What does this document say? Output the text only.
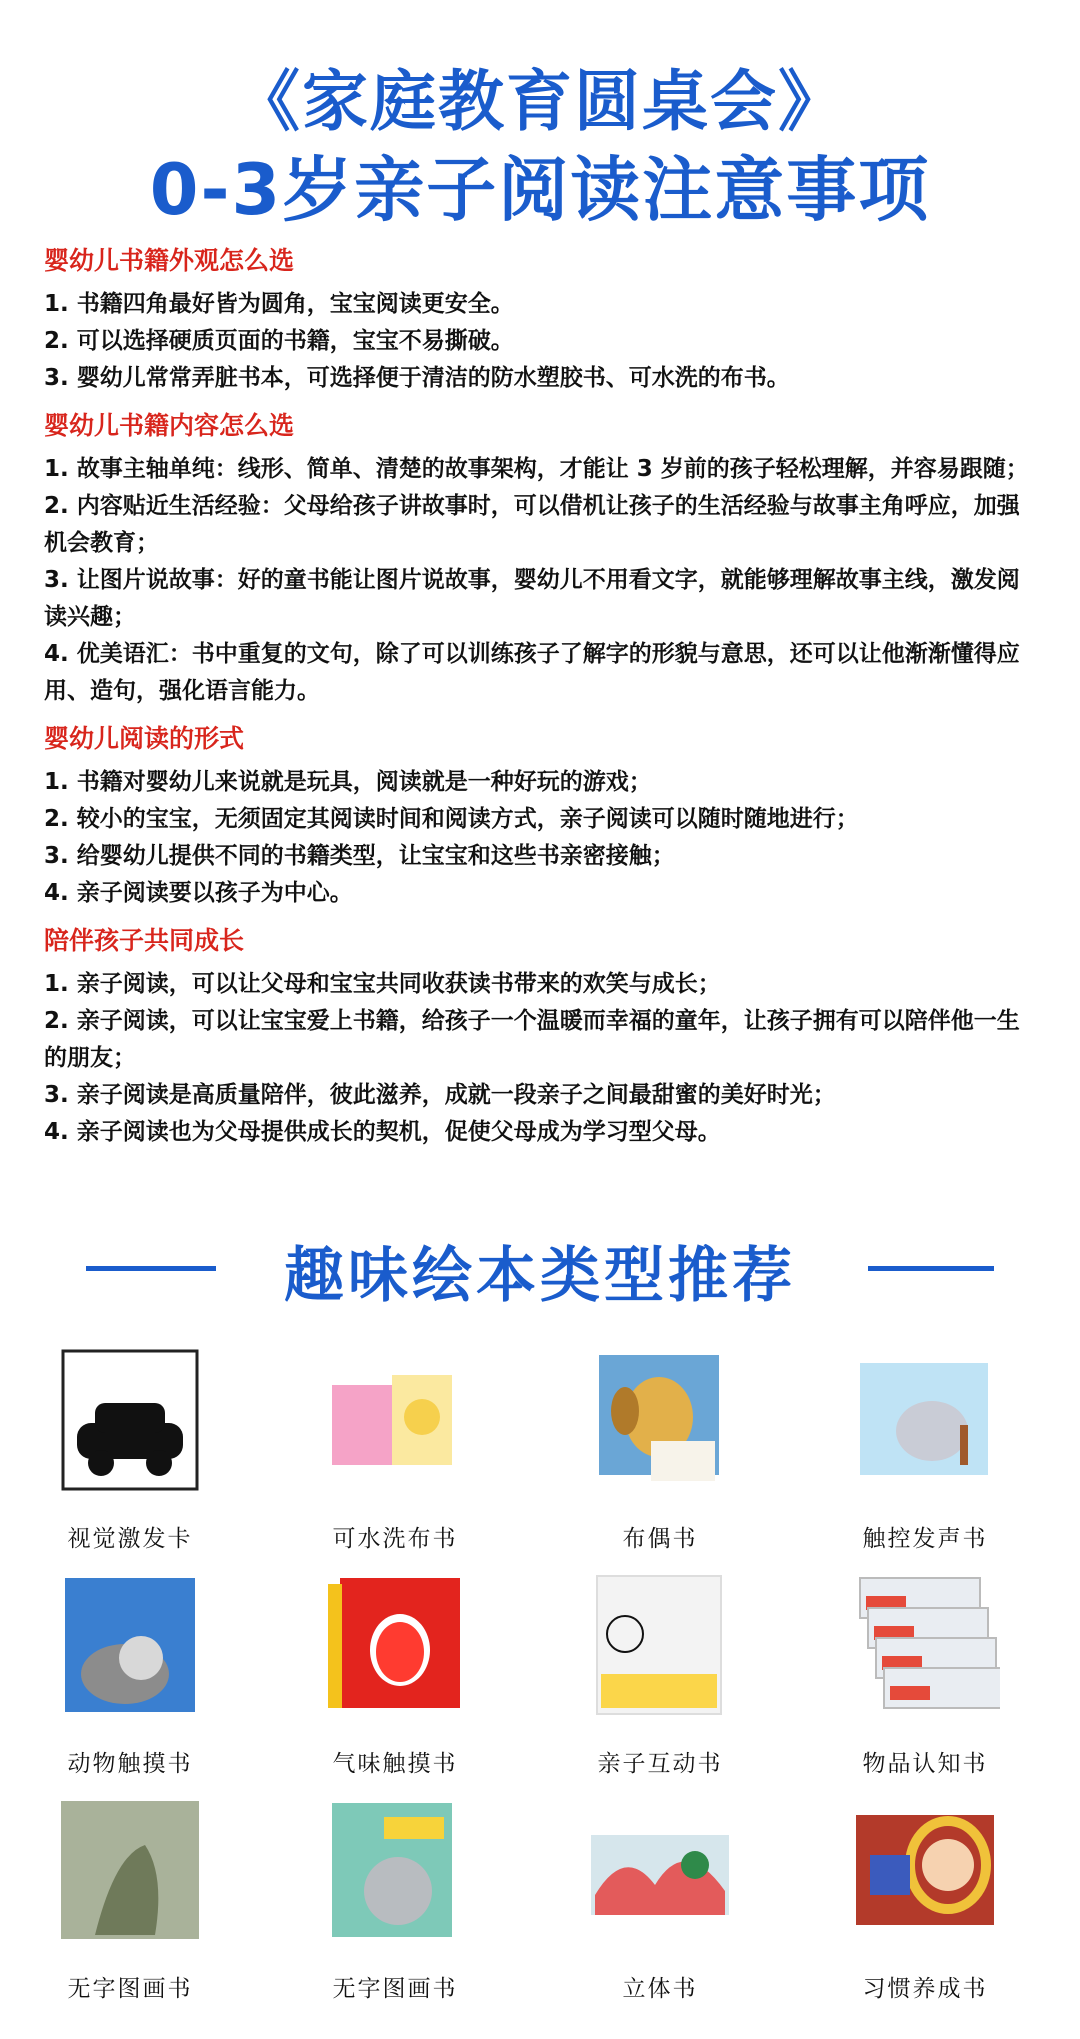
《家庭教育圆桌会》
0-3岁亲子阅读注意事项
婴幼儿书籍外观怎么选
1. 书籍四角最好皆为圆角，宝宝阅读更安全。
2. 可以选择硬质页面的书籍，宝宝不易撕破。
3. 婴幼儿常常弄脏书本，可选择便于清洁的防水塑胶书、可水洗的布书。
婴幼儿书籍内容怎么选
1. 故事主轴单纯：线形、简单、清楚的故事架构，才能让 3 岁前的孩子轻松理解，并容易跟随；
2. 内容贴近生活经验：父母给孩子讲故事时，可以借机让孩子的生活经验与故事主角呼应，加强机会教育；
3. 让图片说故事：好的童书能让图片说故事，婴幼儿不用看文字，就能够理解故事主线，激发阅读兴趣；
4. 优美语汇：书中重复的文句，除了可以训练孩子了解字的形貌与意思，还可以让他渐渐懂得应用、造句，强化语言能力。
婴幼儿阅读的形式
1. 书籍对婴幼儿来说就是玩具，阅读就是一种好玩的游戏；
2. 较小的宝宝，无须固定其阅读时间和阅读方式，亲子阅读可以随时随地进行；
3. 给婴幼儿提供不同的书籍类型，让宝宝和这些书亲密接触；
4. 亲子阅读要以孩子为中心。
陪伴孩子共同成长
1. 亲子阅读，可以让父母和宝宝共同收获读书带来的欢笑与成长；
2. 亲子阅读，可以让宝宝爱上书籍，给孩子一个温暖而幸福的童年，让孩子拥有可以陪伴他一生的朋友；
3. 亲子阅读是高质量陪伴，彼此滋养，成就一段亲子之间最甜蜜的美好时光；
4. 亲子阅读也为父母提供成长的契机，促使父母成为学习型父母。
趣味绘本类型推荐
视觉激发卡	可水洗布书	布偶书	触控发声书
动物触摸书	气味触摸书	亲子互动书	物品认知书
无字图画书	无字图画书	立体书	习惯养成书
